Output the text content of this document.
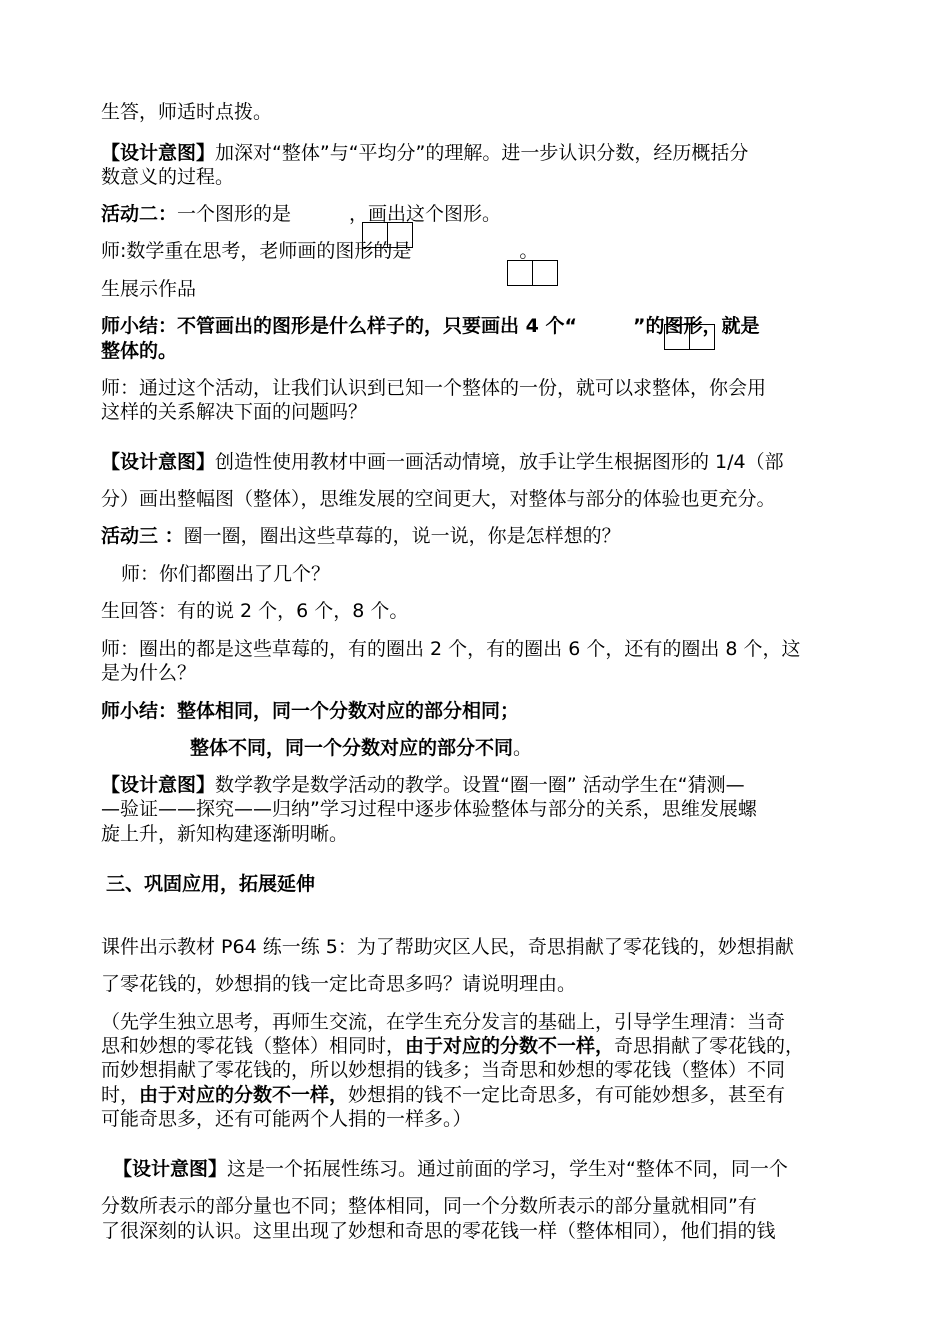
生答，师适时点拨。
【设计意图】加深对“整体”与“平均分”的理解。进一步认识分数，经历概括分
数意义的过程。
活动二：一个图形的是	，画出这个图形。
师:数学重在思考，老师画的图形的是	。
生展示作品
师小结：不管画出的图形是什么样子的，只要画出 4 个“	”的图形，就是
整体的。
师：通过这个活动，让我们认识到已知一个整体的一份，就可以求整体，你会用
这样的关系解决下面的问题吗？
【设计意图】创造性使用教材中画一画活动情境，放手让学生根据图形的 1/4（部
分）画出整幅图（整体），思维发展的空间更大，对整体与部分的体验也更充分。
活动三 ：圈一圈，圈出这些草莓的，说一说，你是怎样想的？
师：你们都圈出了几个？
生回答：有的说 2 个，6 个，8 个。
师：圈出的都是这些草莓的，有的圈出 2 个，有的圈出 6 个，还有的圈出 8 个，这
是为什么？
师小结：整体相同，同一个分数对应的部分相同；
整体不同，同一个分数对应的部分不同。
【设计意图】数学教学是数学活动的教学。设置“圈一圈” 活动学生在“猜测—
—验证——探究——归纳”学习过程中逐步体验整体与部分的关系，思维发展螺
旋上升，新知构建逐渐明晰。
三、巩固应用，拓展延伸
课件出示教材 P64 练一练 5：为了帮助灾区人民，奇思捐献了零花钱的，妙想捐献
了零花钱的，妙想捐的钱一定比奇思多吗？请说明理由。
（先学生独立思考，再师生交流，在学生充分发言的基础上，引导学生理清：当奇
思和妙想的零花钱（整体）相同时，由于对应的分数不一样，奇思捐献了零花钱的，
而妙想捐献了零花钱的，所以妙想捐的钱多；当奇思和妙想的零花钱（整体）不同
时，由于对应的分数不一样，妙想捐的钱不一定比奇思多，有可能妙想多，甚至有
可能奇思多，还有可能两个人捐的一样多。）
【设计意图】这是一个拓展性练习。通过前面的学习，学生对“整体不同，同一个
分数所表示的部分量也不同；整体相同，同一个分数所表示的部分量就相同”有
了很深刻的认识。这里出现了妙想和奇思的零花钱一样（整体相同），他们捐的钱
